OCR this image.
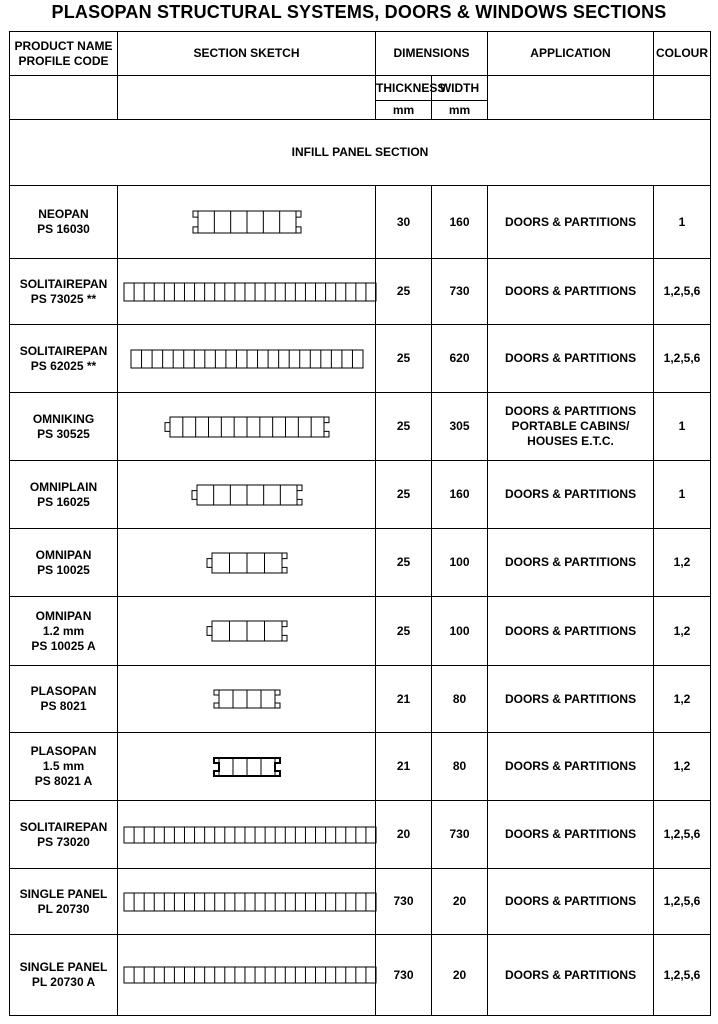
PLASOPAN STRUCTURAL SYSTEMS, DOORS & WINDOWS SECTIONS
PRODUCT NAME
PROFILE CODE	SECTION SKETCH	DIMENSIONS		APPLICATION	COLOUR
		THICKNESS	WIDTH		
		mm	mm		
INFILL PANEL SECTION					
NEOPAN
PS 16030		30	160	DOORS & PARTITIONS	1
SOLITAIREPAN
PS 73025 **		25	730	DOORS & PARTITIONS	1,2,5,6
SOLITAIREPAN
PS 62025 **		25	620	DOORS & PARTITIONS	1,2,5,6
OMNIKING
PS 30525		25	305	DOORS & PARTITIONS
PORTABLE CABINS/
HOUSES E.T.C.	1
OMNIPLAIN
PS 16025		25	160	DOORS & PARTITIONS	1
OMNIPAN
PS 10025		25	100	DOORS & PARTITIONS	1,2
OMNIPAN
1.2 mm
PS 10025 A		25	100	DOORS & PARTITIONS	1,2
PLASOPAN
PS 8021		21	80	DOORS & PARTITIONS	1,2
PLASOPAN
1.5 mm
PS 8021 A		21	80	DOORS & PARTITIONS	1,2
SOLITAIREPAN
PS 73020		20	730	DOORS & PARTITIONS	1,2,5,6
SINGLE PANEL
PL 20730		730	20	DOORS & PARTITIONS	1,2,5,6
SINGLE PANEL
PL 20730 A		730	20	DOORS & PARTITIONS	1,2,5,6
